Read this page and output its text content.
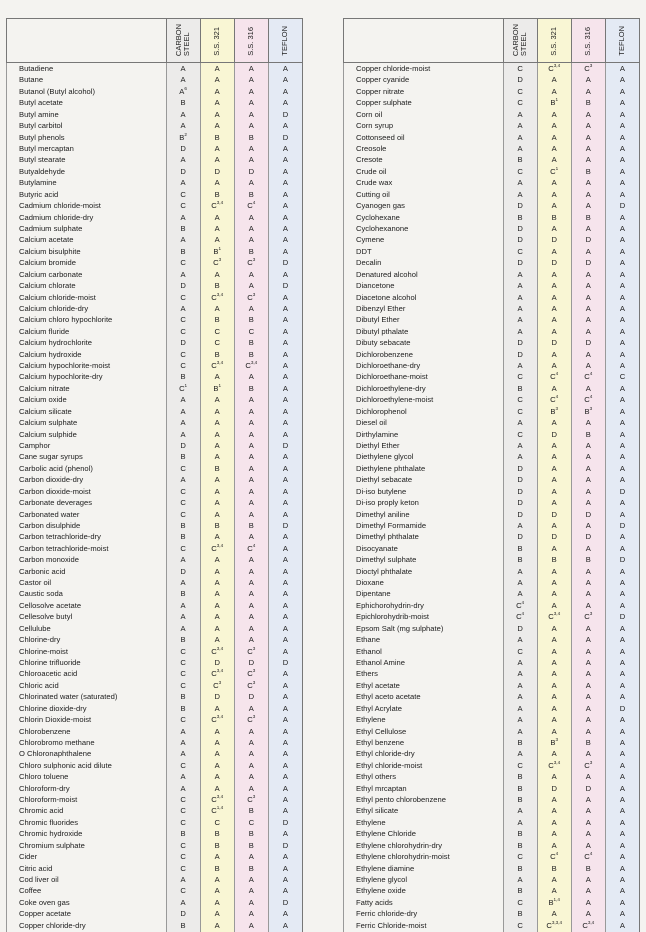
	CARBON
STEEL	S.S. 321	S.S. 316	TEFLON

Butadiene	A	A	A	A
Butane	A	A	A	A
Butanol (Butyl alcohol)	$A^6$	A	A	A
Butyl acetate	B	A	A	A
Butyl amine	A	A	A	D
Butyl carbitol	A	A	A	A
Butyl phenols	$B^2$	B	B	D
Butyl mercaptan	D	A	A	A
Butyl stearate	A	A	A	A
Butyaldehyde	D	D	D	A
Butylamine	A	A	A	A
Butyric acid	C	B	B	A
Cadmium chloride-moist	C	C$^{3,4}$	$C^4$	A
Cadmium chloride-dry	A	A	A	A
Cadmium sulphate	B	A	A	A
Calcium acetate	A	A	A	A
Calcium bisulphite	B	$B^1$	B	A
Calcium bromide	C	$C^3$	$C^3$	D
Calcium carbonate	A	A	A	A
Calcium chlorate	D	B	A	D
Calcium chloride-moist	C	C$^{3,4}$	$C^3$	A
Calcium chloride-dry	A	A	A	A
Calcium chloro hypochlorite	C	B	B	A
Calcium fluride	C	C	C	A
Calcium hydrochlorite	D	C	B	A
Calcium hydroxide	C	B	B	A
Calcium hypochlorite-moist	C	C$^{3,4}$	C$^{3,4}$	A
Calcium hypochlorite-dry	B	A	A	A
Calcium nitrate	$C^1$	$B^1$	B	A
Calcium oxide	A	A	A	A
Calcium silicate	A	A	A	A
Calcium sulphate	A	A	A	A
Calcium sulphide	A	A	A	A
Camphor	D	A	A	D
Cane sugar syrups	B	A	A	A
Carbolic acid (phenol)	C	B	A	A
Carbon dioxide-dry	A	A	A	A
Carbon dioxide-moist	C	A	A	A
Carbonate deverages	C	A	A	A
Carbonated water	C	A	A	A
Carbon disulphide	B	B	B	D
Carbon tetrachloride-dry	B	A	A	A
Carbon tetrachloride-moist	C	C$^{3,4}$	$C^4$	A
Carbon monoxide	A	A	A	A
Carbonic acid	D	A	A	A
Castor oil	A	A	A	A
Caustic soda	B	A	A	A
Cellosolve acetate	A	A	A	A
Cellesolve butyl	A	A	A	A
Cellulube	A	A	A	A
Chlorine-dry	B	A	A	A
Chlorine-moist	C	C$^{3,4}$	$C^3$	A
Chlorine trifluoride	C	D	D	D
Chloroacetic acid	C	C$^{3,4}$	$C^3$	A
Chloric acid	C	$C^3$	$C^3$	A
Chlorinated water (saturated)	B	D	D	A
Chlorine dioxide-dry	B	A	A	A
Chlorin Dioxide-moist	C	C$^{3,4}$	$C^3$	A
Chlorobenzene	A	A	A	A
Chlorobromo methane	A	A	A	A
O Chloronaphthalene	A	A	A	A
Chloro sulphonic acid dilute	C	A	A	A
Chloro toluene	A	A	A	A
Chloroform-dry	A	A	A	A
Chloroform-moist	C	C$^{3,4}$	$C^3$	A
Chromic acid	C	C$^{1,4}$	B	A
Chromic fluorides	C	C	C	D
Chromic hydroxide	B	B	B	A
Chromium sulphate	C	B	B	D
Cider	C	A	A	A
Citric acid	C	B	B	A
Cod liver oil	A	A	A	A
Coffee	C	A	A	A
Coke oven gas	A	A	A	D
Copper acetate	D	A	A	A
Copper chloride-dry	B	A	A	A

	CARBON
STEEL	S.S. 321	S.S. 316	TEFLON

Copper chloride-moist	C	C$^{3,4}$	$C^3$	A
Copper cyanide	D	A	A	A
Copper nitrate	C	A	A	A
Copper sulphate	C	$B^1$	B	A
Corn oil	A	A	A	A
Corn syrup	A	A	A	A
Cottonseed oil	A	A	A	A
Creosole	A	A	A	A
Cresote	B	A	A	A
Crude oil	C	$C^1$	B	A
Crude wax	A	A	A	A
Cutting oil	A	A	A	A
Cyanogen gas	D	A	A	D
Cyclohexane	B	B	B	A
Cyclohexanone	D	A	A	A
Cymene	D	D	D	A
DDT	C	A	A	A
Decalin	D	D	D	A
Denatured alcohol	A	A	A	A
Diancetone	A	A	A	A
Diacetone alcohol	A	A	A	A
Dibenzyl Ether	A	A	A	A
Dibutyl Ether	A	A	A	A
Dibutyl pthalate	A	A	A	A
Dibuty sebacate	D	D	D	A
Dichlorobenzene	D	A	A	A
Dichloroethane-dry	A	A	A	A
Dichloroethane-moist	C	$C^4$	$C^4$	C
Dichloroethylene-dry	B	A	A	A
Dichloroethylene-moist	C	$C^4$	$C^4$	A
Dichlorophenol	C	$B^3$	$B^3$	A
Diesel oil	A	A	A	A
Dirthylamine	C	D	B	A
Diethyl Ether	A	A	A	A
Diethylene glycol	A	A	A	A
Diethylene phthalate	D	A	A	A
Diethyl sebacate	D	A	A	A
Di-iso butylene	D	A	A	D
Di-iso proply keton	D	A	A	A
Dimethyl aniline	D	D	D	A
Dimethyl Formamide	A	A	A	D
Dimethyl phthalate	D	D	D	A
Disocyanate	B	A	A	A
Dimethyl sulphate	B	B	B	D
Dioctyl phthalate	A	A	A	A
Dioxane	A	A	A	A
Dipentane	A	A	A	A
Ephichorohydrin-dry	$C^4$	A	A	A
Epichlorohydrib-moist	$C^4$	C$^{3,4}$	$C^3$	D
Epsom Salt (mg sulphate)	D	A	A	A
Ethane	A	A	A	A
Ethanol	C	A	A	A
Ethanol Amine	A	A	A	A
Ethers	A	A	A	A
Ethyl acetate	A	A	A	A
Ethyl aceto acetate	A	A	A	A
Ethyl Acrylate	A	A	A	D
Ethylene	A	A	A	A
Ethyl Cellulose	A	A	A	A
Ethyl benzene	B	$B^3$	B	A
Ethyl chloride-dry	A	A	A	A
Ethyl chloride-moist	C	C$^{3,4}$	$C^3$	A
Ethyl others	B	A	A	A
Ethyl mrcaptan	B	D	D	A
Ethyl pento chlorobenzene	B	A	A	A
Ethyl silicate	A	A	A	A
Ethylene	A	A	A	A
Ethylene Chloride	B	A	A	A
Ethylene chlorohydrin-dry	B	A	A	A
Ethylene chlorohydrin-moist	C	$C^4$	$C^4$	A
Ethylene diamine	B	B	B	A
Ethylene glycol	A	A	A	A
Ethylene oxide	B	A	A	A
Fatty acids	C	B$^{1,4}$	A	A
Ferric chloride-dry	B	A	A	A
Ferric Chloride-moist	C	C$^{3,3,4}$	C$^{3,4}$	A
